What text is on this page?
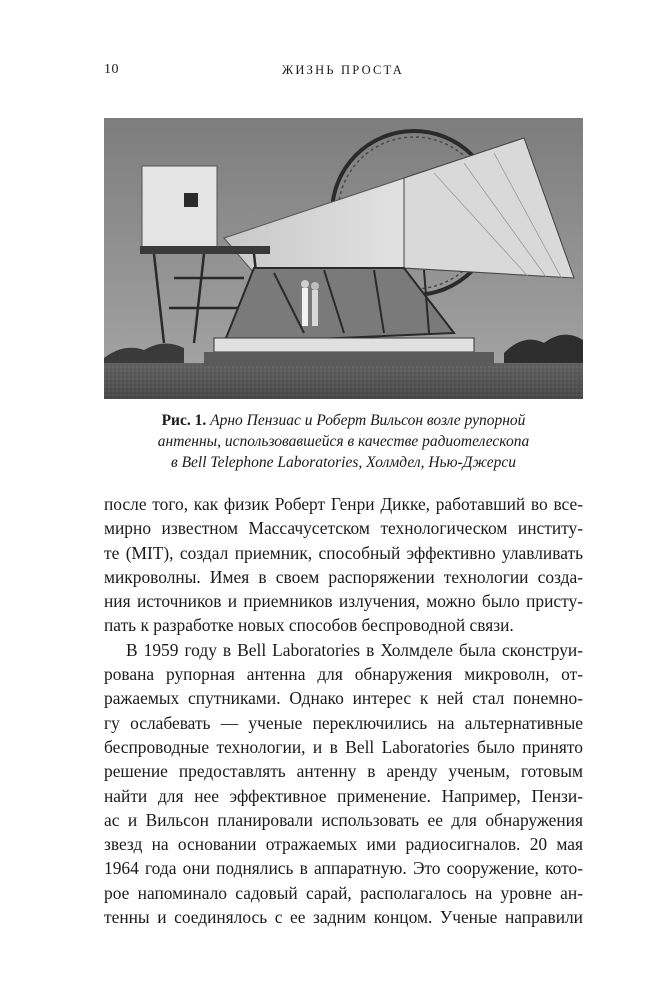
10	ЖИЗНЬ ПРОСТА
Рис. 1. Арно Пензиас и Роберт Вильсон возле рупорной
антенны, использовавшейся в качестве радиотелескопа
в Bell Telephone Laboratories, Холмдел, Нью-Джерси
после того, как физик Роберт Генри Дикке, работавший во все-
мирно известном Массачусетском технологическом институ-
те (MIT), создал приемник, способный эффективно улавливать
микроволны. Имея в своем распоряжении технологии созда-
ния источников и приемников излучения, можно было присту-
пать к разработке новых способов беспроводной связи.
В 1959 году в Bell Laboratories в Холмделе была сконструи-
рована рупорная антенна для обнаружения микроволн, от-
ражаемых спутниками. Однако интерес к ней стал понемно-
гу ослабевать — ученые переключились на альтернативные
беспроводные технологии, и в Bell Laboratories было принято
решение предоставлять антенну в аренду ученым, готовым
найти для нее эффективное применение. Например, Пензи-
ас и Вильсон планировали использовать ее для обнаружения
звезд на основании отражаемых ими радиосигналов. 20 мая
1964 года они поднялись в аппаратную. Это сооружение, кото-
рое напоминало садовый сарай, располагалось на уровне ан-
тенны и соединялось с ее задним концом. Ученые направили
